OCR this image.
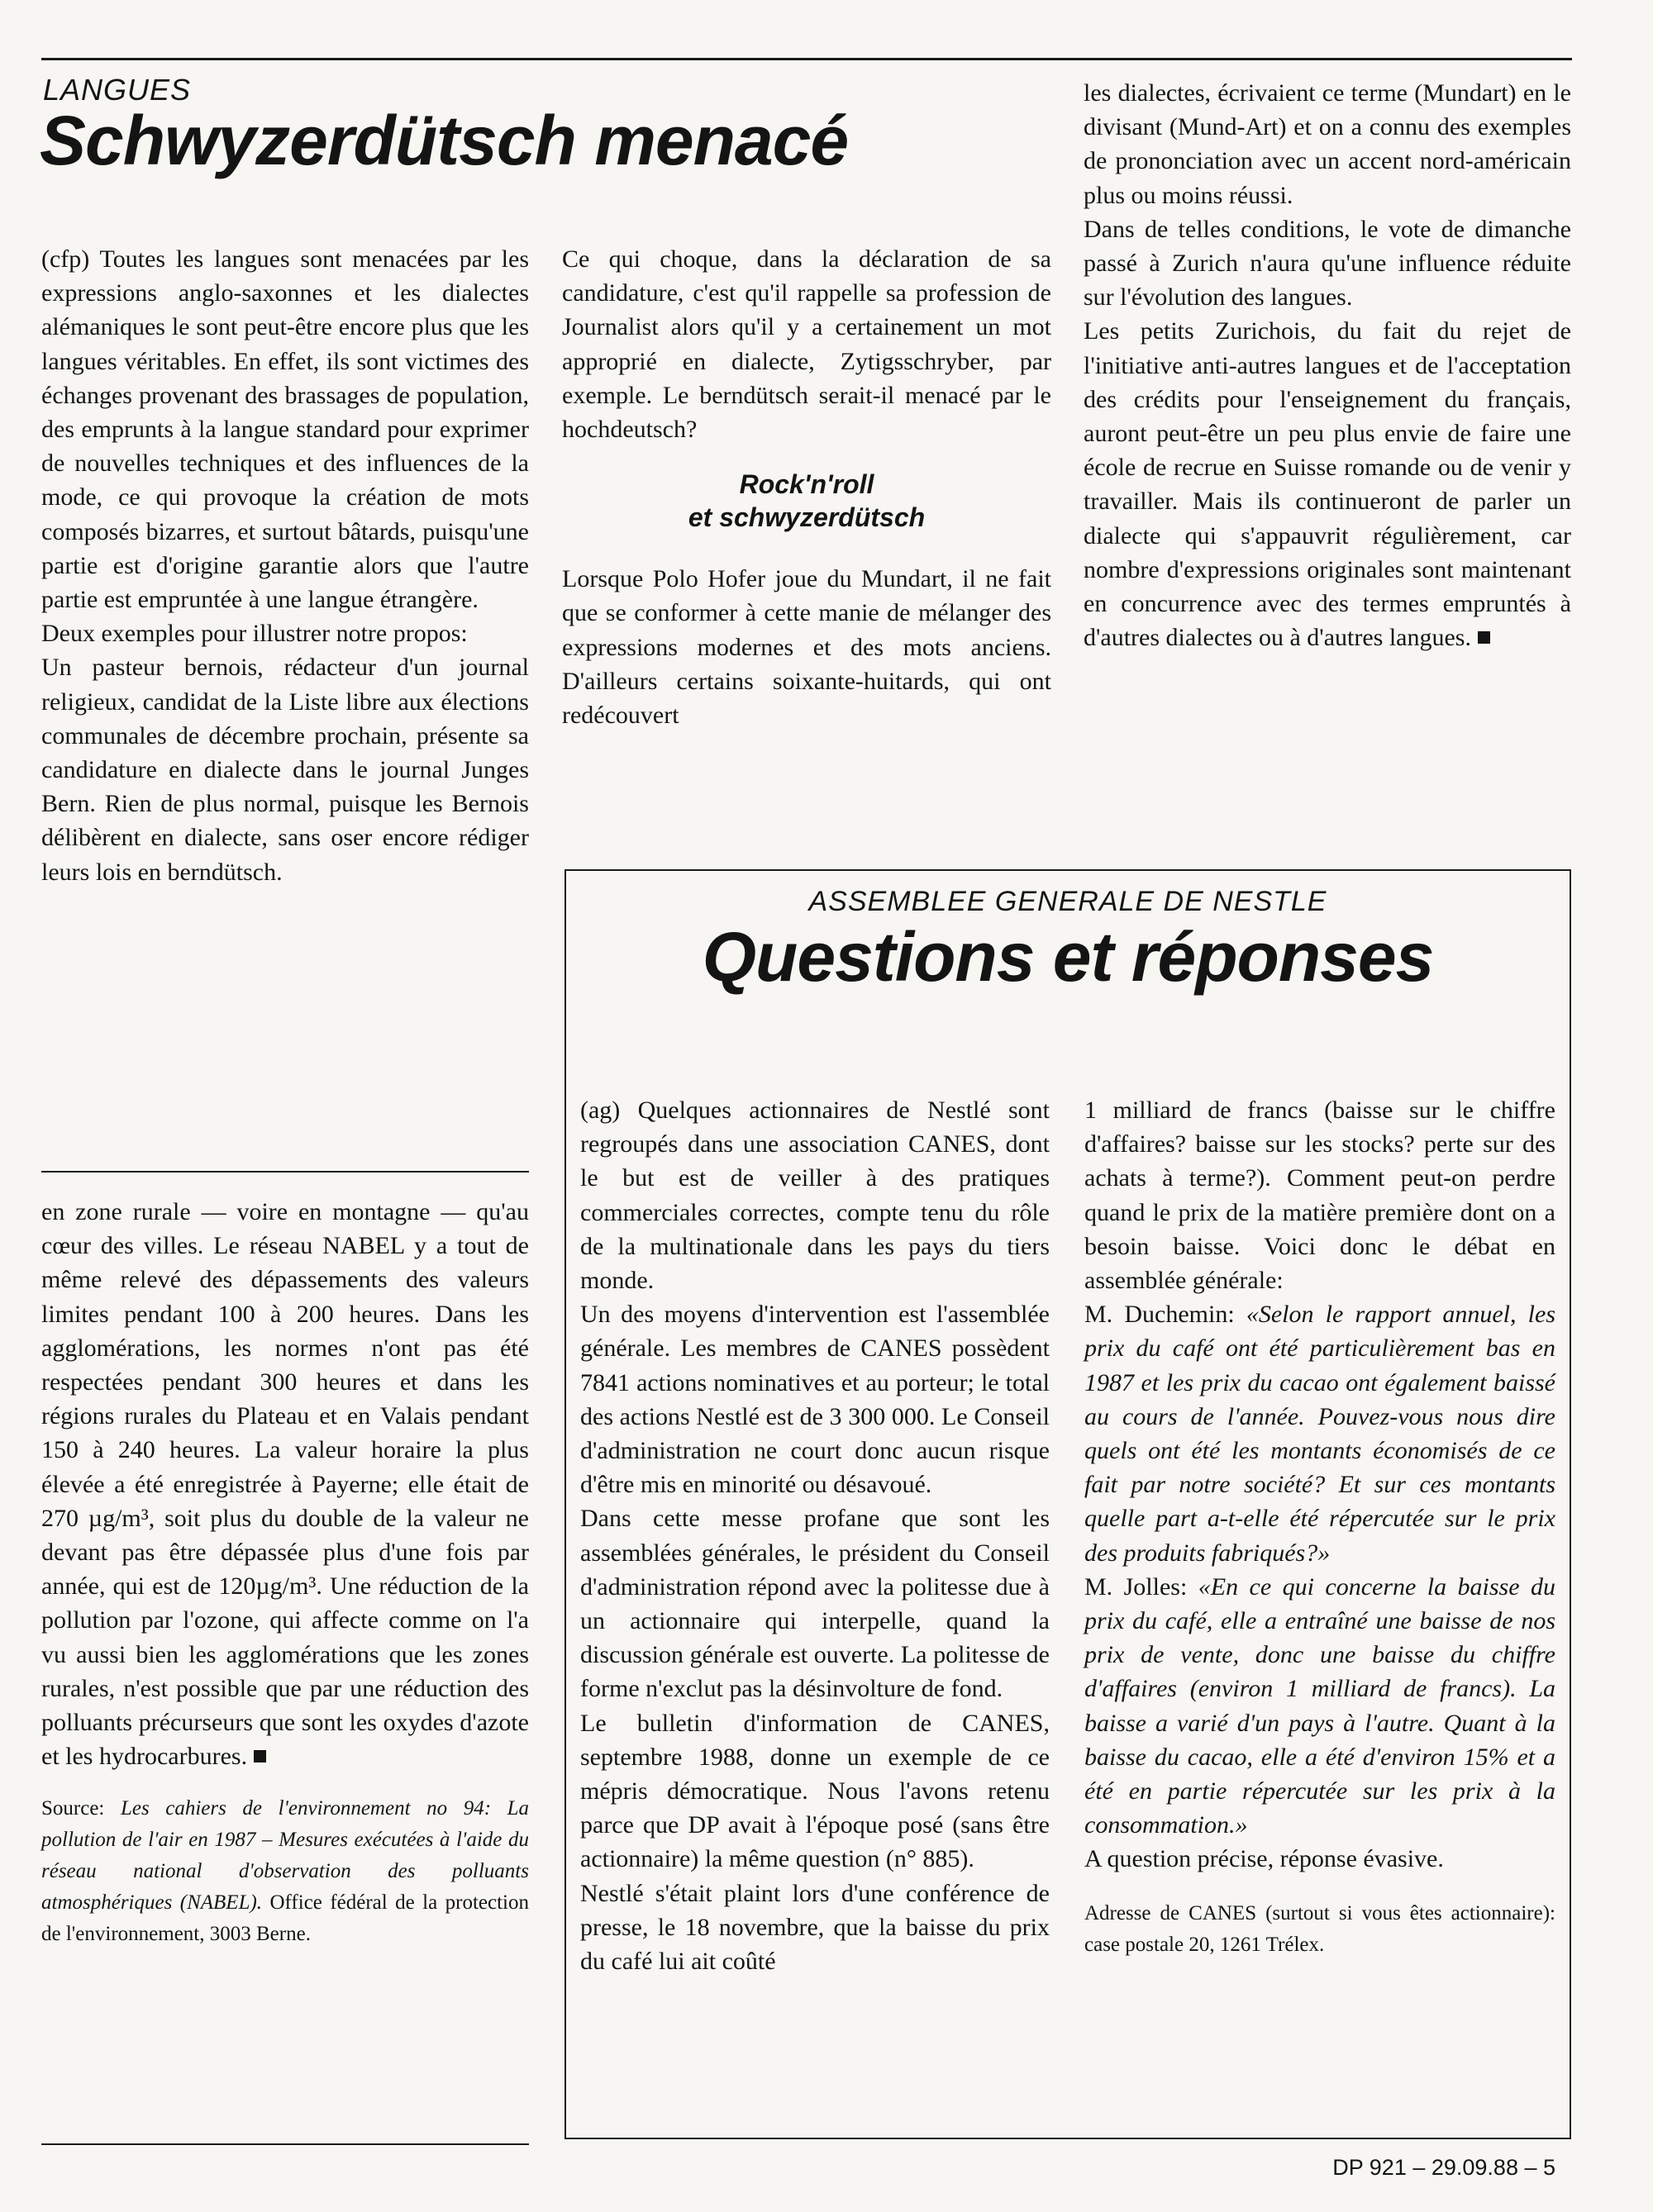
LANGUES
Schwyzerdütsch menacé

(cfp) Toutes les langues sont menacées par les expressions anglo-saxonnes et les dialectes alémaniques le sont peut-être encore plus que les langues véritables. En effet, ils sont victimes des échanges provenant des brassages de population, des emprunts à la langue standard pour exprimer de nouvelles techniques et des influences de la mode, ce qui provoque la création de mots composés bizarres, et surtout bâtards, puisqu'une partie est d'origine garantie alors que l'autre partie est empruntée à une langue étrangère.

Deux exemples pour illustrer notre propos:

Un pasteur bernois, rédacteur d'un journal religieux, candidat de la Liste libre aux élections communales de décembre prochain, présente sa candidature en dialecte dans le journal Junges Bern. Rien de plus normal, puisque les Bernois délibèrent en dialecte, sans oser encore rédiger leurs lois en berndütsch.

Ce qui choque, dans la déclaration de sa candidature, c'est qu'il rappelle sa profession de Journalist alors qu'il y a certainement un mot approprié en dialecte, Zytigsschryber, par exemple. Le berndütsch serait-il menacé par le hochdeutsch?

Rock'n'roll
et schwyzerdütsch

Lorsque Polo Hofer joue du Mundart, il ne fait que se conformer à cette manie de mélanger des expressions modernes et des mots anciens. D'ailleurs certains soixante-huitards, qui ont redécouvert

les dialectes, écrivaient ce terme (Mundart) en le divisant (Mund-Art) et on a connu des exemples de prononciation avec un accent nord-américain plus ou moins réussi.

Dans de telles conditions, le vote de dimanche passé à Zurich n'aura qu'une influence réduite sur l'évolution des langues.

Les petits Zurichois, du fait du rejet de l'initiative anti-autres langues et de l'acceptation des crédits pour l'enseignement du français, auront peut-être un peu plus envie de faire une école de recrue en Suisse romande ou de venir y travailler. Mais ils continueront de parler un dialecte qui s'appauvrit régulièrement, car nombre d'expressions originales sont maintenant en concurrence avec des termes empruntés à d'autres dialectes ou à d'autres langues.

en zone rurale — voire en montagne — qu'au cœur des villes. Le réseau NABEL y a tout de même relevé des dépassements des valeurs limites pendant 100 à 200 heures. Dans les agglomérations, les normes n'ont pas été respectées pendant 300 heures et dans les régions rurales du Plateau et en Valais pendant 150 à 240 heures. La valeur horaire la plus élevée a été enregistrée à Payerne; elle était de 270 µg/m³, soit plus du double de la valeur ne devant pas être dépassée plus d'une fois par année, qui est de 120µg/m³. Une réduction de la pollution par l'ozone, qui affecte comme on l'a vu aussi bien les agglomérations que les zones rurales, n'est possible que par une réduction des polluants précurseurs que sont les oxydes d'azote et les hydrocarbures.

Source: Les cahiers de l'environnement no 94: La pollution de l'air en 1987 – Mesures exécutées à l'aide du réseau national d'observation des polluants atmosphériques (NABEL). Office fédéral de la protection de l'environnement, 3003 Berne.
ASSEMBLEE GENERALE DE NESTLE
Questions et réponses

(ag) Quelques actionnaires de Nestlé sont regroupés dans une association CANES, dont le but est de veiller à des pratiques commerciales correctes, compte tenu du rôle de la multinationale dans les pays du tiers monde.

Un des moyens d'intervention est l'assemblée générale. Les membres de CANES possèdent 7841 actions nominatives et au porteur; le total des actions Nestlé est de 3 300 000. Le Conseil d'administration ne court donc aucun risque d'être mis en minorité ou désavoué.

Dans cette messe profane que sont les assemblées générales, le président du Conseil d'administration répond avec la politesse due à un actionnaire qui interpelle, quand la discussion générale est ouverte. La politesse de forme n'exclut pas la désinvolture de fond.

Le bulletin d'information de CANES, septembre 1988, donne un exemple de ce mépris démocratique. Nous l'avons retenu parce que DP avait à l'époque posé (sans être actionnaire) la même question (n° 885).

Nestlé s'était plaint lors d'une conférence de presse, le 18 novembre, que la baisse du prix du café lui ait coûté

1 milliard de francs (baisse sur le chiffre d'affaires? baisse sur les stocks? perte sur des achats à terme?). Comment peut-on perdre quand le prix de la matière première dont on a besoin baisse. Voici donc le débat en assemblée générale:

M. Duchemin: «Selon le rapport annuel, les prix du café ont été particulièrement bas en 1987 et les prix du cacao ont également baissé au cours de l'année. Pouvez-vous nous dire quels ont été les montants économisés de ce fait par notre société? Et sur ces montants quelle part a-t-elle été répercutée sur le prix des produits fabriqués?»

M. Jolles: «En ce qui concerne la baisse du prix du café, elle a entraîné une baisse de nos prix de vente, donc une baisse du chiffre d'affaires (environ 1 milliard de francs). La baisse a varié d'un pays à l'autre. Quant à la baisse du cacao, elle a été d'environ 15% et a été en partie répercutée sur les prix à la consommation.»

A question précise, réponse évasive.

Adresse de CANES (surtout si vous êtes actionnaire): case postale 20, 1261 Trélex.
DP 921 – 29.09.88 – 5
